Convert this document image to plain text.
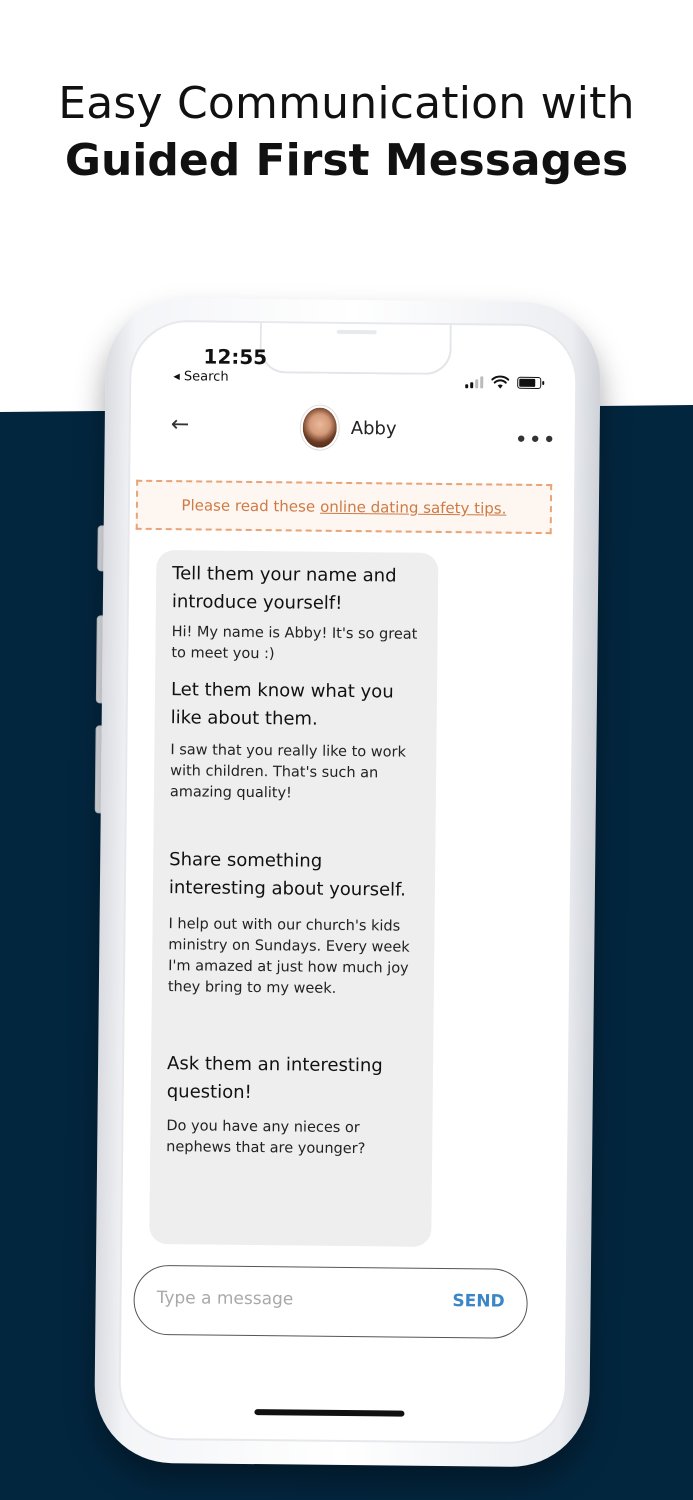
Easy Communication with
Guided First Messages
12:55
◂ Search
←	Abby	•••
Please read these online dating safety tips.
Tell them your name and introduce yourself!
Hi! My name is Abby! It's so great to meet you :)
Let them know what you like about them.
I saw that you really like to work with children. That's such an amazing quality!
Share something interesting about yourself.
I help out with our church's kids ministry on Sundays. Every week I'm amazed at just how much joy they bring to my week.
Ask them an interesting question!
Do you have any nieces or nephews that are younger?
Type a message
SEND
